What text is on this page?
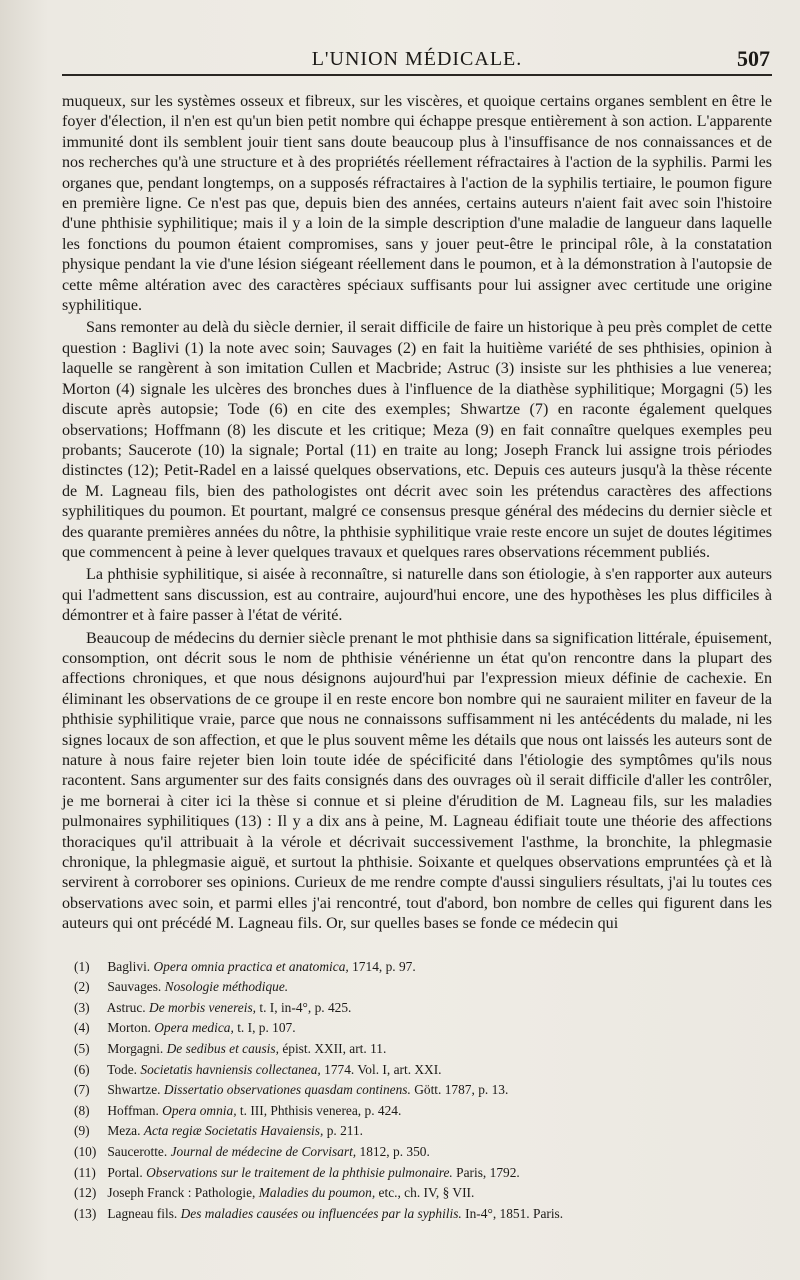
L'UNION MÉDICALE.	507

muqueux, sur les systèmes osseux et fibreux, sur les viscères, et quoique certains organes semblent en être le foyer d'élection, il n'en est qu'un bien petit nombre qui échappe presque entièrement à son action. L'apparente immunité dont ils semblent jouir tient sans doute beaucoup plus à l'insuffisance de nos connaissances et de nos recherches qu'à une structure et à des propriétés réellement réfractaires à l'action de la syphilis. Parmi les organes que, pendant longtemps, on a supposés réfractaires à l'action de la syphilis tertiaire, le poumon figure en première ligne. Ce n'est pas que, depuis bien des années, certains auteurs n'aient fait avec soin l'histoire d'une phthisie syphilitique; mais il y a loin de la simple description d'une maladie de langueur dans laquelle les fonctions du poumon étaient compromises, sans y jouer peut-être le principal rôle, à la constatation physique pendant la vie d'une lésion siégeant réellement dans le poumon, et à la démonstration à l'autopsie de cette même altération avec des caractères spéciaux suffisants pour lui assigner avec certitude une origine syphilitique.

Sans remonter au delà du siècle dernier, il serait difficile de faire un historique à peu près complet de cette question : Baglivi (1) la note avec soin; Sauvages (2) en fait la huitième variété de ses phthisies, opinion à laquelle se rangèrent à son imitation Cullen et Macbride; Astruc (3) insiste sur les phthisies a lue venerea; Morton (4) signale les ulcères des bronches dues à l'influence de la diathèse syphilitique; Morgagni (5) les discute après autopsie; Tode (6) en cite des exemples; Shwartze (7) en raconte également quelques observations; Hoffmann (8) les discute et les critique; Meza (9) en fait connaître quelques exemples peu probants; Saucerote (10) la signale; Portal (11) en traite au long; Joseph Franck lui assigne trois périodes distinctes (12); Petit-Radel en a laissé quelques observations, etc. Depuis ces auteurs jusqu'à la thèse récente de M. Lagneau fils, bien des pathologistes ont décrit avec soin les prétendus caractères des affections syphilitiques du poumon. Et pourtant, malgré ce consensus presque général des médecins du dernier siècle et des quarante premières années du nôtre, la phthisie syphilitique vraie reste encore un sujet de doutes légitimes que commencent à peine à lever quelques travaux et quelques rares observations récemment publiés.

La phthisie syphilitique, si aisée à reconnaître, si naturelle dans son étiologie, à s'en rapporter aux auteurs qui l'admettent sans discussion, est au contraire, aujourd'hui encore, une des hypothèses les plus difficiles à démontrer et à faire passer à l'état de vérité.

Beaucoup de médecins du dernier siècle prenant le mot phthisie dans sa signification littérale, épuisement, consomption, ont décrit sous le nom de phthisie vénérienne un état qu'on rencontre dans la plupart des affections chroniques, et que nous désignons aujourd'hui par l'expression mieux définie de cachexie. En éliminant les observations de ce groupe il en reste encore bon nombre qui ne sauraient militer en faveur de la phthisie syphilitique vraie, parce que nous ne connaissons suffisamment ni les antécédents du malade, ni les signes locaux de son affection, et que le plus souvent même les détails que nous ont laissés les auteurs sont de nature à nous faire rejeter bien loin toute idée de spécificité dans l'étiologie des symptômes qu'ils nous racontent. Sans argumenter sur des faits consignés dans des ouvrages où il serait difficile d'aller les contrôler, je me bornerai à citer ici la thèse si connue et si pleine d'érudition de M. Lagneau fils, sur les maladies pulmonaires syphilitiques (13) : Il y a dix ans à peine, M. Lagneau édifiait toute une théorie des affections thoraciques qu'il attribuait à la vérole et décrivait successivement l'asthme, la bronchite, la phlegmasie chronique, la phlegmasie aiguë, et surtout la phthisie. Soixante et quelques observations empruntées çà et là servirent à corroborer ses opinions. Curieux de me rendre compte d'aussi singuliers résultats, j'ai lu toutes ces observations avec soin, et parmi elles j'ai rencontré, tout d'abord, bon nombre de celles qui figurent dans les auteurs qui ont précédé M. Lagneau fils. Or, sur quelles bases se fonde ce médecin qui

(1) Baglivi. Opera omnia practica et anatomica, 1714, p. 97.
(2) Sauvages. Nosologie méthodique.
(3) Astruc. De morbis venereis, t. I, in-4°, p. 425.
(4) Morton. Opera medica, t. I, p. 107.
(5) Morgagni. De sedibus et causis, épist. XXII, art. 11.
(6) Tode. Societatis havniensis collectanea, 1774. Vol. I, art. XXI.
(7) Shwartze. Dissertatio observationes quasdam continens. Gött. 1787, p. 13.
(8) Hoffman. Opera omnia, t. III, Phthisis venerea, p. 424.
(9) Meza. Acta regiæ Societatis Havaiensis, p. 211.
(10) Saucerotte. Journal de médecine de Corvisart, 1812, p. 350.
(11) Portal. Observations sur le traitement de la phthisie pulmonaire. Paris, 1792.
(12) Joseph Franck : Pathologie, Maladies du poumon, etc., ch. IV, § VII.
(13) Lagneau fils. Des maladies causées ou influencées par la syphilis. In-4°, 1851. Paris.
